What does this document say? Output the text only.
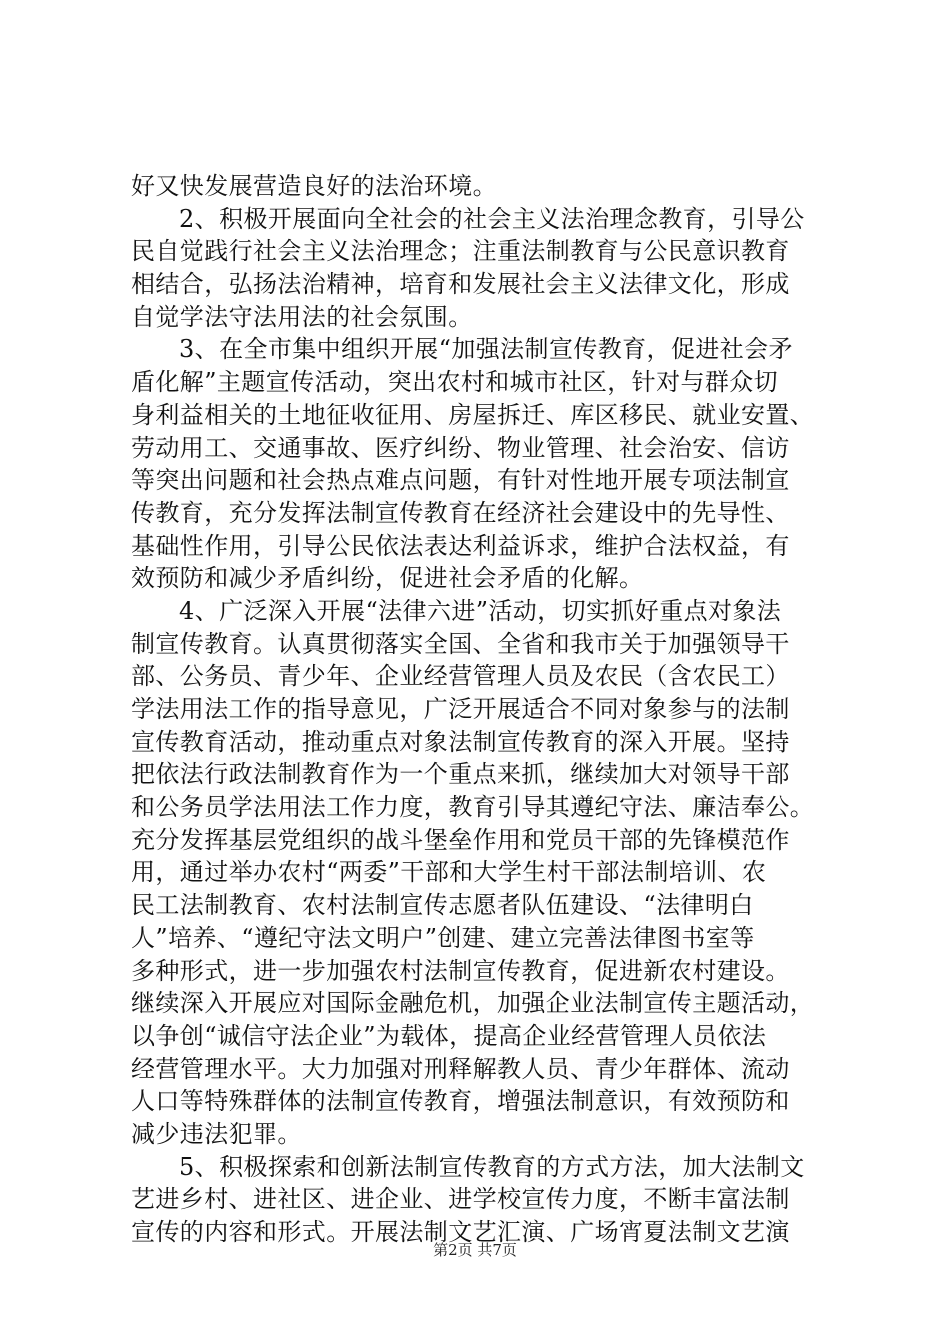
好又快发展营造良好的法治环境。
2、积极开展面向全社会的社会主义法治理念教育，引导公
民自觉践行社会主义法治理念；注重法制教育与公民意识教育
相结合，弘扬法治精神，培育和发展社会主义法律文化，形成
自觉学法守法用法的社会氛围。
3、在全市集中组织开展“加强法制宣传教育，促进社会矛
盾化解”主题宣传活动，突出农村和城市社区，针对与群众切
身利益相关的土地征收征用、房屋拆迁、库区移民、就业安置、
劳动用工、交通事故、医疗纠纷、物业管理、社会治安、信访
等突出问题和社会热点难点问题，有针对性地开展专项法制宣
传教育，充分发挥法制宣传教育在经济社会建设中的先导性、
基础性作用，引导公民依法表达利益诉求，维护合法权益，有
效预防和减少矛盾纠纷，促进社会矛盾的化解。
4、广泛深入开展“法律六进”活动，切实抓好重点对象法
制宣传教育。认真贯彻落实全国、全省和我市关于加强领导干
部、公务员、青少年、企业经营管理人员及农民（含农民工）
学法用法工作的指导意见，广泛开展适合不同对象参与的法制
宣传教育活动，推动重点对象法制宣传教育的深入开展。坚持
把依法行政法制教育作为一个重点来抓，继续加大对领导干部
和公务员学法用法工作力度，教育引导其遵纪守法、廉洁奉公。
充分发挥基层党组织的战斗堡垒作用和党员干部的先锋模范作
用，通过举办农村“两委”干部和大学生村干部法制培训、农
民工法制教育、农村法制宣传志愿者队伍建设、“法律明白
人”培养、“遵纪守法文明户”创建、建立完善法律图书室等
多种形式，进一步加强农村法制宣传教育，促进新农村建设。
继续深入开展应对国际金融危机，加强企业法制宣传主题活动，
以争创“诚信守法企业”为载体，提高企业经营管理人员依法
经营管理水平。大力加强对刑释解教人员、青少年群体、流动
人口等特殊群体的法制宣传教育，增强法制意识，有效预防和
减少违法犯罪。
5、积极探索和创新法制宣传教育的方式方法，加大法制文
艺进乡村、进社区、进企业、进学校宣传力度，不断丰富法制
宣传的内容和形式。开展法制文艺汇演、广场宵夏法制文艺演
第2页 共7页
